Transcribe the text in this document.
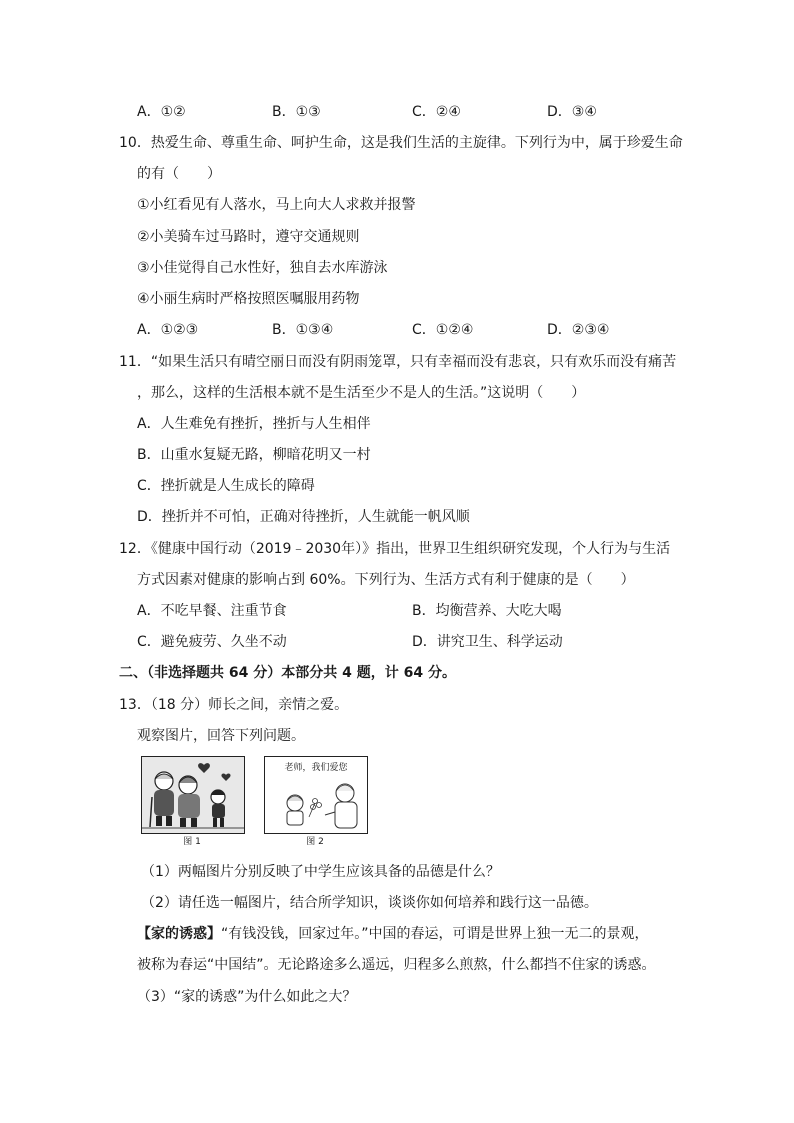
A．①②	B．①③	C．②④	D．③④
10．热爱生命、尊重生命、呵护生命，这是我们生活的主旋律。下列行为中，属于珍爱生命
的有（　　）
①小红看见有人落水，马上向大人求救并报警
②小美骑车过马路时，遵守交通规则
③小佳觉得自己水性好，独自去水库游泳
④小丽生病时严格按照医嘱服用药物
A．①②③	B．①③④	C．①②④	D．②③④
11．“如果生活只有晴空丽日而没有阴雨笼罩，只有幸福而没有悲哀，只有欢乐而没有痛苦
，那么，这样的生活根本就不是生活至少不是人的生活。”这说明（　　）
A．人生难免有挫折，挫折与人生相伴
B．山重水复疑无路，柳暗花明又一村
C．挫折就是人生成长的障碍
D．挫折并不可怕，正确对待挫折，人生就能一帆风顺
12．《健康中国行动（2019﹣2030年）》指出，世界卫生组织研究发现，个人行为与生活
方式因素对健康的影响占到 60%。下列行为、生活方式有利于健康的是（　　）
A．不吃早餐、注重节食	B．均衡营养、大吃大喝
C．避免疲劳、久坐不动	D．讲究卫生、科学运动
二、（非选择题共 64 分）本部分共 4 题，计 64 分。
13．（18 分）师长之间，亲情之爱。
观察图片，回答下列问题。
图 1
老师，我们爱您
图 2
（1）两幅图片分别反映了中学生应该具备的品德是什么？
（2）请任选一幅图片，结合所学知识，谈谈你如何培养和践行这一品德。
【家的诱惑】“有钱没钱，回家过年。”中国的春运，可谓是世界上独一无二的景观，
被称为春运“中国结”。无论路途多么遥远，归程多么煎熬，什么都挡不住家的诱惑。
（3）“家的诱惑”为什么如此之大？
